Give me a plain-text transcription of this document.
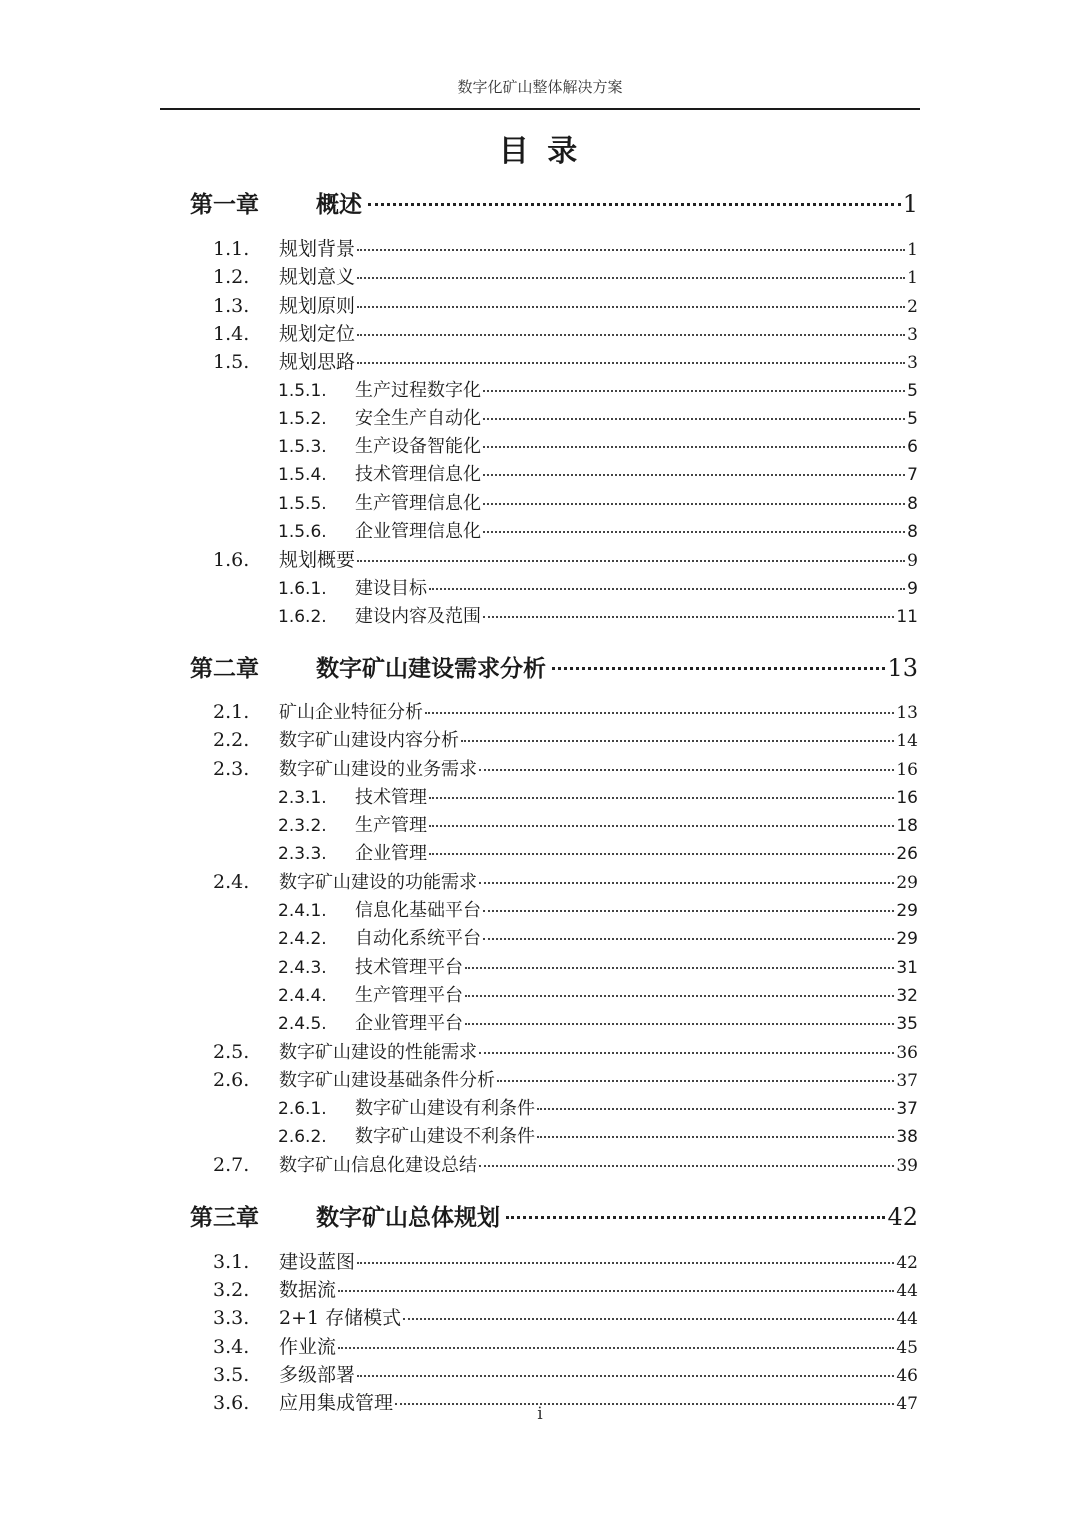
数字化矿山整体解决方案
目 录
第一章	概述	1
1.1.	规划背景	1
1.2.	规划意义	1
1.3.	规划原则	2
1.4.	规划定位	3
1.5.	规划思路	3
1.5.1.	生产过程数字化	5
1.5.2.	安全生产自动化	5
1.5.3.	生产设备智能化	6
1.5.4.	技术管理信息化	7
1.5.5.	生产管理信息化	8
1.5.6.	企业管理信息化	8
1.6.	规划概要	9
1.6.1.	建设目标	9
1.6.2.	建设内容及范围	11
第二章	数字矿山建设需求分析	13
2.1.	矿山企业特征分析	13
2.2.	数字矿山建设内容分析	14
2.3.	数字矿山建设的业务需求	16
2.3.1.	技术管理	16
2.3.2.	生产管理	18
2.3.3.	企业管理	26
2.4.	数字矿山建设的功能需求	29
2.4.1.	信息化基础平台	29
2.4.2.	自动化系统平台	29
2.4.3.	技术管理平台	31
2.4.4.	生产管理平台	32
2.4.5.	企业管理平台	35
2.5.	数字矿山建设的性能需求	36
2.6.	数字矿山建设基础条件分析	37
2.6.1.	数字矿山建设有利条件	37
2.6.2.	数字矿山建设不利条件	38
2.7.	数字矿山信息化建设总结	39
第三章	数字矿山总体规划	42
3.1.	建设蓝图	42
3.2.	数据流	44
3.3.	2+1 存储模式	44
3.4.	作业流	45
3.5.	多级部署	46
3.6.	应用集成管理	47
i
